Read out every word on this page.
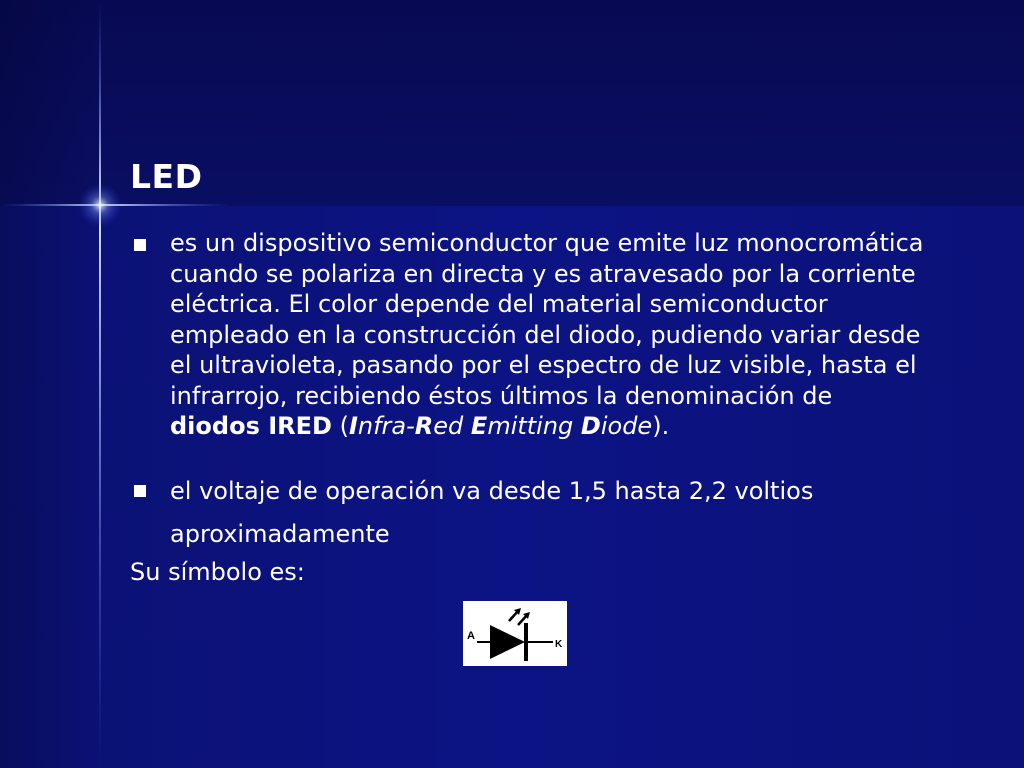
LED
es un dispositivo semiconductor que emite luz monocromática
cuando se polariza en directa y es atravesado por la corriente
eléctrica. El color depende del material semiconductor
empleado en la construcción del diodo, pudiendo variar desde
el ultravioleta, pasando por el espectro de luz visible, hasta el
infrarrojo, recibiendo éstos últimos la denominación de
diodos IRED (Infra-Red Emitting Diode).
el voltaje de operación va desde 1,5 hasta 2,2 voltios
aproximadamente
Su símbolo es:
A
K
